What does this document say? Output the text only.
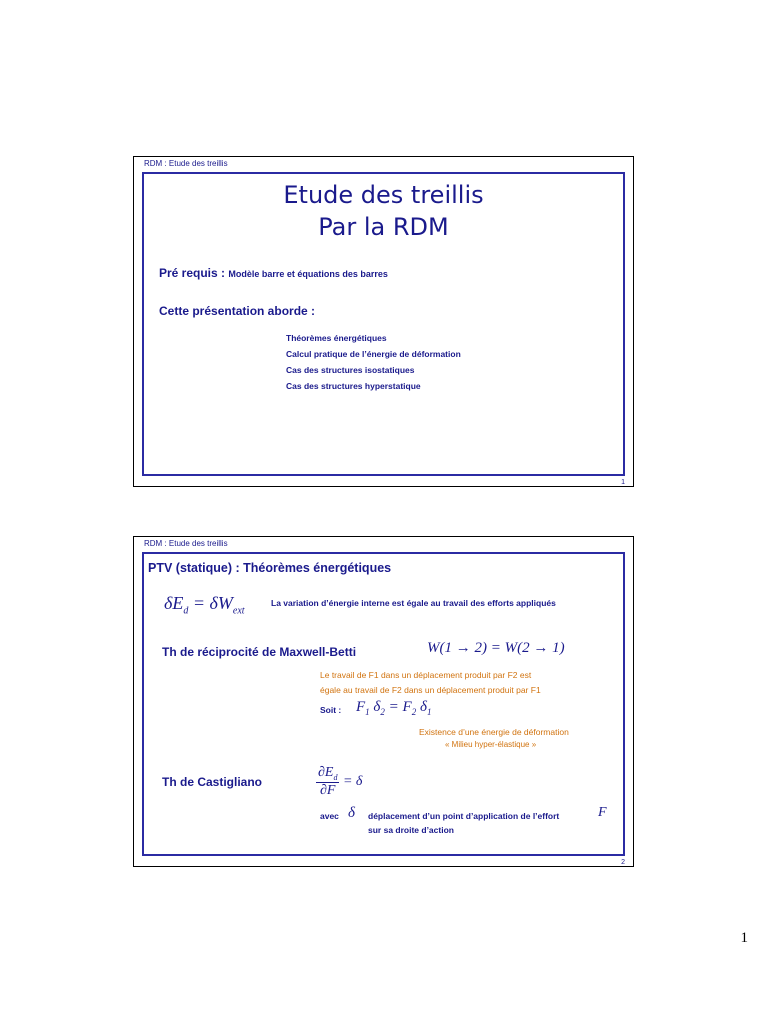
RDM : Etude des treillis
Etude des treillis
Par la RDM
Pré requis : Modèle barre et équations des barres
Cette présentation aborde :
Théorèmes énergétiques
Calcul pratique de l’énergie de déformation
Cas des structures isostatiques
Cas des structures hyperstatique
1
RDM : Etude des treillis
PTV (statique) : Théorèmes énergétiques
$\delta E_d = \delta W_{ext}$
La variation d’énergie interne est égale au travail des efforts appliqués
Th de réciprocité de Maxwell-Betti	W(1 → 2) = W(2 → 1)
Le travail de F1 dans un déplacement produit par F2 est
égale au travail de F2 dans un déplacement produit par F1
Soit : $F_1$ $\delta_2 = F_2$ $\delta_1$
Existence d’une énergie de déformation
« Milieu hyper-élastique »
Th de Castigliano	$\frac{\partial E_d}{\partial F} = \delta$
avec δ déplacement d’un point d’application de l’effort	F
sur sa droite d’action
2
1
